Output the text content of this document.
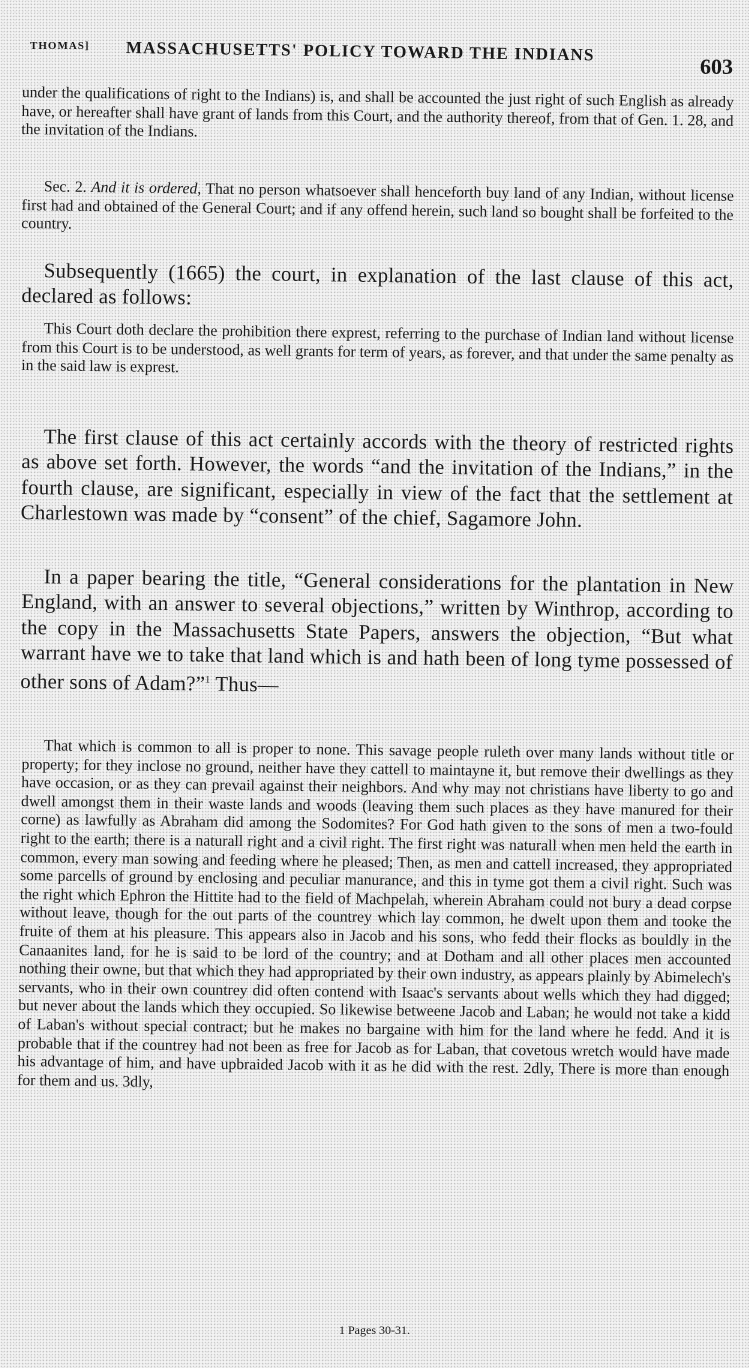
THOMAS] MASSACHUSETTS' POLICY TOWARD THE INDIANS
603

under the qualifications of right to the Indians) is, and shall be accounted the just right of such English as already have, or hereafter shall have grant of lands from this Court, and the authority thereof, from that of Gen. 1. 28, and the invitation of the Indians.

Sec. 2. And it is ordered, That no person whatsoever shall henceforth buy land of any Indian, without license first had and obtained of the General Court; and if any offend herein, such land so bought shall be forfeited to the country.

Subsequently (1665) the court, in explanation of the last clause of this act, declared as follows:

This Court doth declare the prohibition there exprest, referring to the purchase of Indian land without license from this Court is to be understood, as well grants for term of years, as forever, and that under the same penalty as in the said law is exprest.

The first clause of this act certainly accords with the theory of restricted rights as above set forth. However, the words “and the invitation of the Indians,” in the fourth clause, are significant, especially in view of the fact that the settlement at Charlestown was made by “consent” of the chief, Sagamore John.

In a paper bearing the title, “General considerations for the plantation in New England, with an answer to several objections,” written by Winthrop, according to the copy in the Massachusetts State Papers, answers the objection, “But what warrant have we to take that land which is and hath been of long tyme possessed of other sons of Adam?”$^1$ Thus—

That which is common to all is proper to none. This savage people ruleth over many lands without title or property; for they inclose no ground, neither have they cattell to maintayne it, but remove their dwellings as they have occasion, or as they can prevail against their neighbors. And why may not christians have liberty to go and dwell amongst them in their waste lands and woods (leaving them such places as they have manured for their corne) as lawfully as Abraham did among the Sodomites? For God hath given to the sons of men a two-fould right to the earth; there is a naturall right and a civil right. The first right was naturall when men held the earth in common, every man sowing and feeding where he pleased; Then, as men and cattell increased, they appropriated some parcells of ground by enclosing and peculiar manurance, and this in tyme got them a civil right. Such was the right which Ephron the Hittite had to the field of Machpelah, wherein Abraham could not bury a dead corpse without leave, though for the out parts of the countrey which lay common, he dwelt upon them and tooke the fruite of them at his pleasure. This appears also in Jacob and his sons, who fedd their flocks as bouldly in the Canaanites land, for he is said to be lord of the country; and at Dotham and all other places men accounted nothing their owne, but that which they had appropriated by their own industry, as appears plainly by Abimelech's servants, who in their own countrey did often contend with Isaac's servants about wells which they had digged; but never about the lands which they occupied. So likewise betweene Jacob and Laban; he would not take a kidd of Laban's without special contract; but he makes no bargaine with him for the land where he fedd. And it is probable that if the countrey had not been as free for Jacob as for Laban, that covetous wretch would have made his advantage of him, and have upbraided Jacob with it as he did with the rest. 2dly, There is more than enough for them and us. 3dly,

1 Pages 30-31.
